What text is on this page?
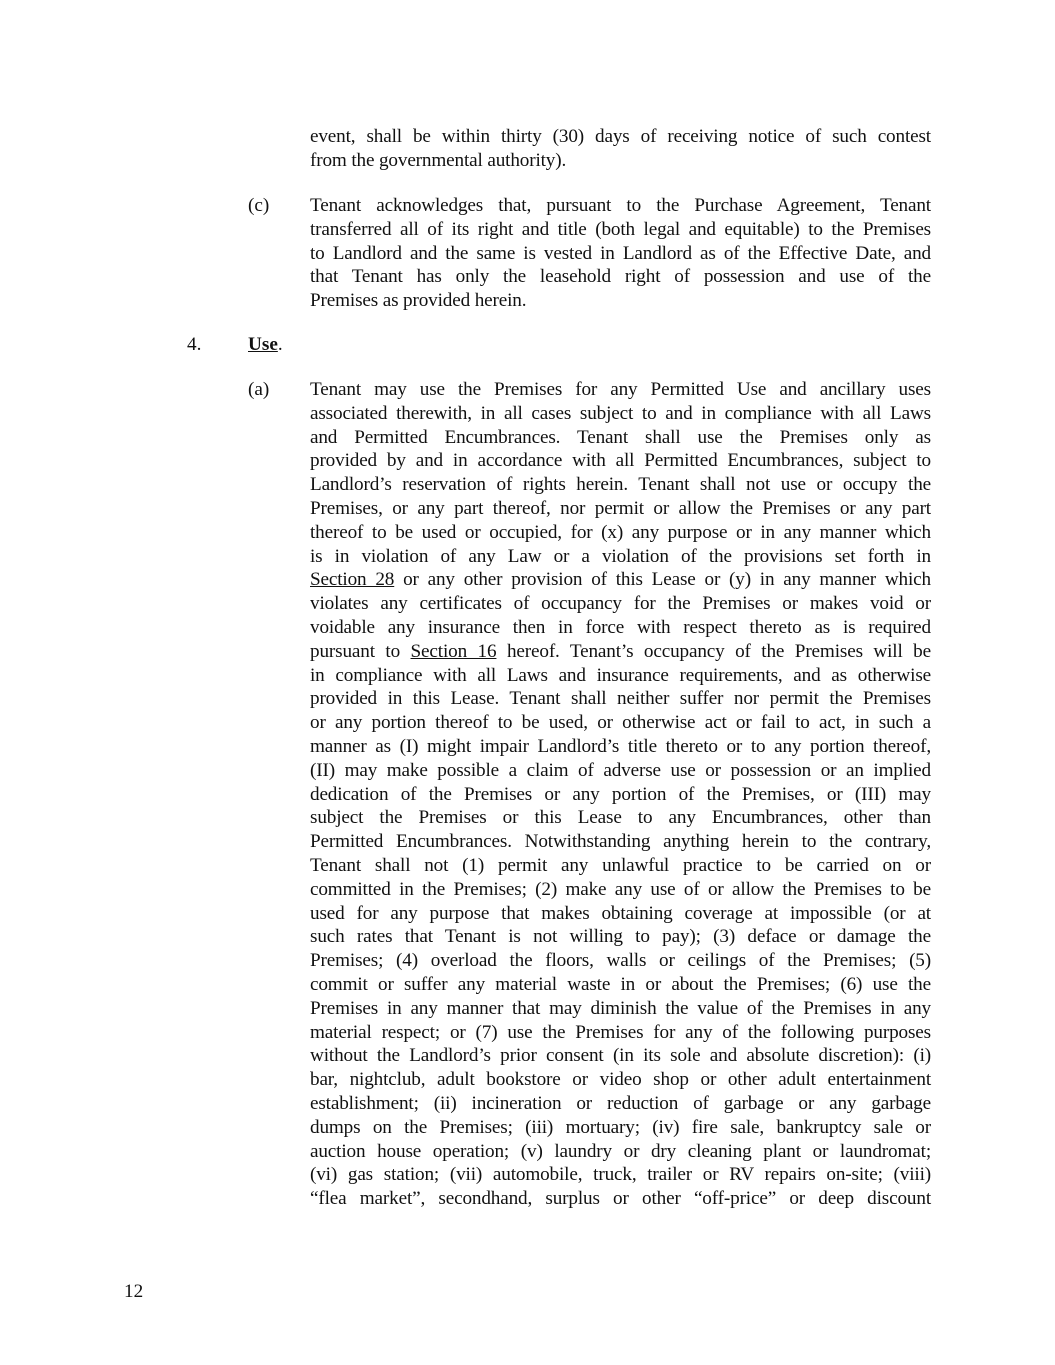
event, shall be within thirty (30) days of receiving notice of such contest
from the governmental authority).
(c) Tenant acknowledges that, pursuant to the Purchase Agreement, Tenant
transferred all of its right and title (both legal and equitable) to the Premises
to Landlord and the same is vested in Landlord as of the Effective Date, and
that Tenant has only the leasehold right of possession and use of the
Premises as provided herein.
4. Use.
(a) Tenant may use the Premises for any Permitted Use and ancillary uses
associated therewith, in all cases subject to and in compliance with all Laws
and Permitted Encumbrances. Tenant shall use the Premises only as
provided by and in accordance with all Permitted Encumbrances, subject to
Landlord’s reservation of rights herein. Tenant shall not use or occupy the
Premises, or any part thereof, nor permit or allow the Premises or any part
thereof to be used or occupied, for (x) any purpose or in any manner which
is in violation of any Law or a violation of the provisions set forth in
Section 28 or any other provision of this Lease or (y) in any manner which
violates any certificates of occupancy for the Premises or makes void or
voidable any insurance then in force with respect thereto as is required
pursuant to Section 16 hereof. Tenant’s occupancy of the Premises will be
in compliance with all Laws and insurance requirements, and as otherwise
provided in this Lease. Tenant shall neither suffer nor permit the Premises
or any portion thereof to be used, or otherwise act or fail to act, in such a
manner as (I) might impair Landlord’s title thereto or to any portion thereof,
(II) may make possible a claim of adverse use or possession or an implied
dedication of the Premises or any portion of the Premises, or (III) may
subject the Premises or this Lease to any Encumbrances, other than
Permitted Encumbrances. Notwithstanding anything herein to the contrary,
Tenant shall not (1) permit any unlawful practice to be carried on or
committed in the Premises; (2) make any use of or allow the Premises to be
used for any purpose that makes obtaining coverage at impossible (or at
such rates that Tenant is not willing to pay); (3) deface or damage the
Premises; (4) overload the floors, walls or ceilings of the Premises; (5)
commit or suffer any material waste in or about the Premises; (6) use the
Premises in any manner that may diminish the value of the Premises in any
material respect; or (7) use the Premises for any of the following purposes
without the Landlord’s prior consent (in its sole and absolute discretion): (i)
bar, nightclub, adult bookstore or video shop or other adult entertainment
establishment; (ii) incineration or reduction of garbage or any garbage
dumps on the Premises; (iii) mortuary; (iv) fire sale, bankruptcy sale or
auction house operation; (v) laundry or dry cleaning plant or laundromat;
(vi) gas station; (vii) automobile, truck, trailer or RV repairs on-site; (viii)
“flea market”, secondhand, surplus or other “off-price” or deep discount
12
